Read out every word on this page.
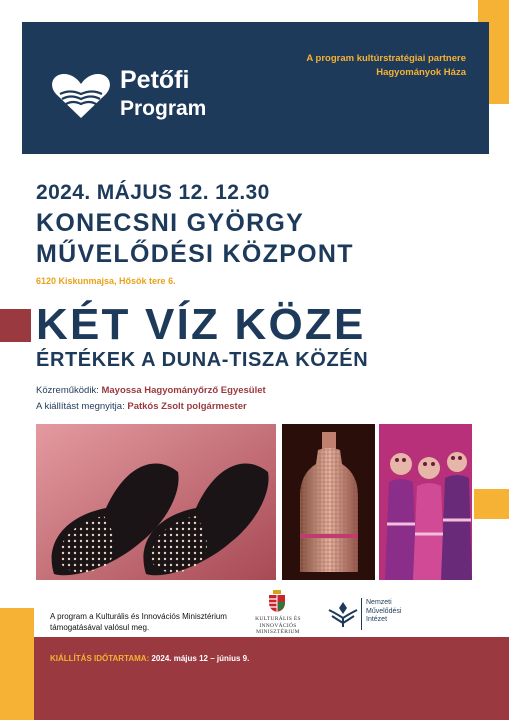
Petőfi
Program
A program kultúrstratégiai partnere
Hagyományok Háza
2024. MÁJUS 12. 12.30
KONECSNI GYÖRGY
MŰVELŐDÉSI KÖZPONT
6120 Kiskunmajsa, Hősök tere 6.
KÉT VÍZ KÖZE
ÉRTÉKEK A DUNA-TISZA KÖZÉN
Közreműködik: Mayossa Hagyományőrző Egyesület
A kiállítást megnyitja: Patkós Zsolt polgármester
A program a Kulturális és Innovációs Minisztérium
támogatásával valósul meg.
KULTURÁLIS ÉS INNOVÁCIÓS
MINISZTÉRIUM
Nemzeti
Művelődési
Intézet
KIÁLLÍTÁS IDŐTARTAMA: 2024. május 12 – június 9.
